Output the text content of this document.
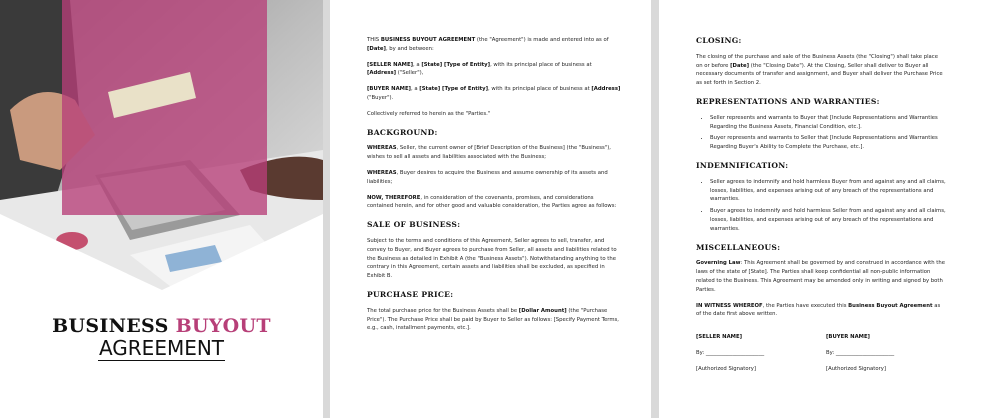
BUSINESS BUYOUT
AGREEMENT

THIS BUSINESS BUYOUT AGREEMENT (the "Agreement") is made and entered into as of [Date], by and between:

[SELLER NAME], a [State] [Type of Entity], with its principal place of business at [Address] ("Seller"),

[BUYER NAME], a [State] [Type of Entity], with its principal place of business at [Address] ("Buyer").

Collectively referred to herein as the "Parties."

BACKGROUND:

WHEREAS, Seller, the current owner of [Brief Description of the Business] (the "Business"), wishes to sell all assets and liabilities associated with the Business;

WHEREAS, Buyer desires to acquire the Business and assume ownership of its assets and liabilities;

NOW, THEREFORE, in consideration of the covenants, promises, and considerations contained herein, and for other good and valuable consideration, the Parties agree as follows:

SALE OF BUSINESS:

Subject to the terms and conditions of this Agreement, Seller agrees to sell, transfer, and convey to Buyer, and Buyer agrees to purchase from Seller, all assets and liabilities related to the Business as detailed in Exhibit A (the "Business Assets"). Notwithstanding anything to the contrary in this Agreement, certain assets and liabilities shall be excluded, as specified in Exhibit B.

PURCHASE PRICE:

The total purchase price for the Business Assets shall be [Dollar Amount] (the "Purchase Price"). The Purchase Price shall be paid by Buyer to Seller as follows: [Specify Payment Terms, e.g., cash, installment payments, etc.].

CLOSING:

The closing of the purchase and sale of the Business Assets (the "Closing") shall take place on or before [Date] (the "Closing Date"). At the Closing, Seller shall deliver to Buyer all necessary documents of transfer and assignment, and Buyer shall deliver the Purchase Price as set forth in Section 2.

REPRESENTATIONS AND WARRANTIES:
• Seller represents and warrants to Buyer that [Include Representations and Warranties Regarding the Business Assets, Financial Condition, etc.].
• Buyer represents and warrants to Seller that [Include Representations and Warranties Regarding Buyer's Ability to Complete the Purchase, etc.].
INDEMNIFICATION:
• Seller agrees to indemnify and hold harmless Buyer from and against any and all claims, losses, liabilities, and expenses arising out of any breach of the representations and warranties.
• Buyer agrees to indemnify and hold harmless Seller from and against any and all claims, losses, liabilities, and expenses arising out of any breach of the representations and warranties.
MISCELLANEOUS:

Governing Law: This Agreement shall be governed by and construed in accordance with the laws of the state of [State]. The Parties shall keep confidential all non-public information related to the Business. This Agreement may be amended only in writing and signed by both Parties.

IN WITNESS WHEREOF, the Parties have executed this Business Buyout Agreement as of the date first above written.

[SELLER NAME]
By: ______________________
[Authorized Signatory]
[BUYER NAME]
By: ______________________
[Authorized Signatory]
